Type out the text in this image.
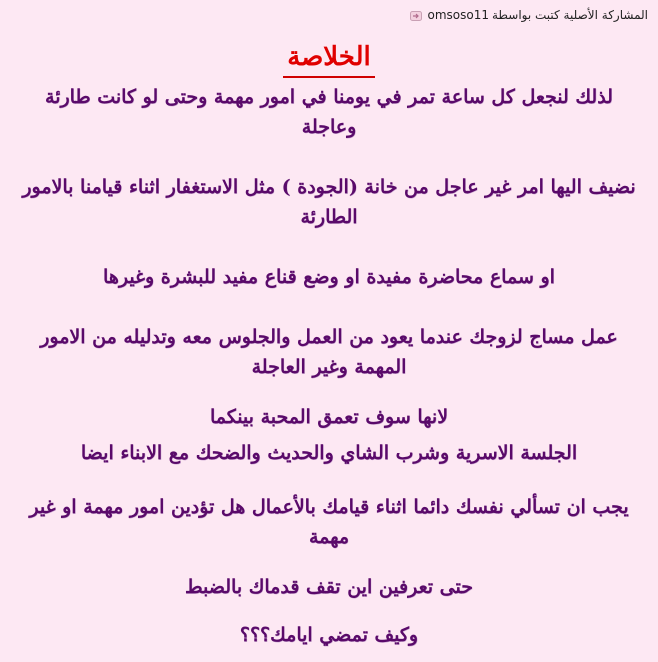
المشاركة الأصلية كتبت بواسطة
omsoso11
الخلاصة
لذلك لنجعل كل ساعة تمر في يومنا في امور مهمة وحتى لو كانت طارئة وعاجلة
نضيف اليها امر غير عاجل من خانة (الجودة ) مثل الاستغفار اثناء قيامنا بالامور الطارئة
او سماع محاضرة مفيدة او وضع قناع مفيد للبشرة وغيرها
عمل مساج لزوجك عندما يعود من العمل والجلوس معه وتدليله من الامور المهمة وغير العاجلة
لانها سوف تعمق المحبة بينكما
الجلسة الاسرية وشرب الشاي والحديث والضحك مع الابناء ايضا
يجب ان تسألي نفسك دائما اثناء قيامك بالأعمال هل تؤدين امور مهمة او غير مهمة
حتى تعرفين اين تقف قدماك بالضبط
وكيف تمضي ايامك؟؟؟
